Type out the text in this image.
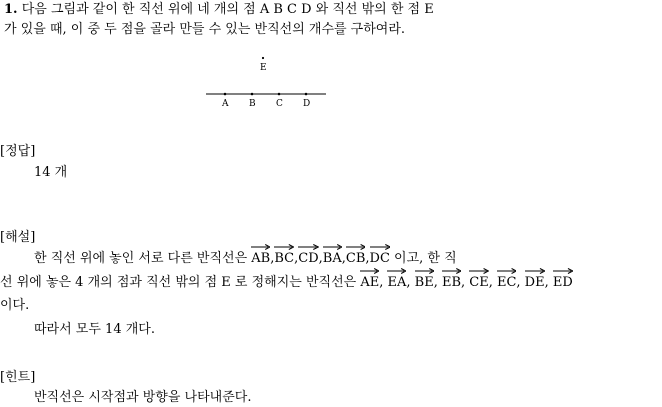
1. 다음 그림과 같이 한 직선 위에 네 개의 점 A B C D 와 직선 밖의 한 점 E
가 있을 때, 이 중 두 점을 골라 만들 수 있는 반직선의 개수를 구하여라.
E
A B C D
[정답]
14 개
[해설]
한 직선 위에 놓인 서로 다른 반직선은
AB,
BC,
CD,
BA,
CB,
DC 이고, 한 직
선 위에 놓은 4 개의 점과 직선 밖의 점 E 로 정해지는 반직선은
AE,
EA,
BE,
EB,
CE,
EC,
DE,
ED
이다.
따라서 모두 14 개다.
[힌트]
반직선은 시작점과 방향을 나타내준다.
